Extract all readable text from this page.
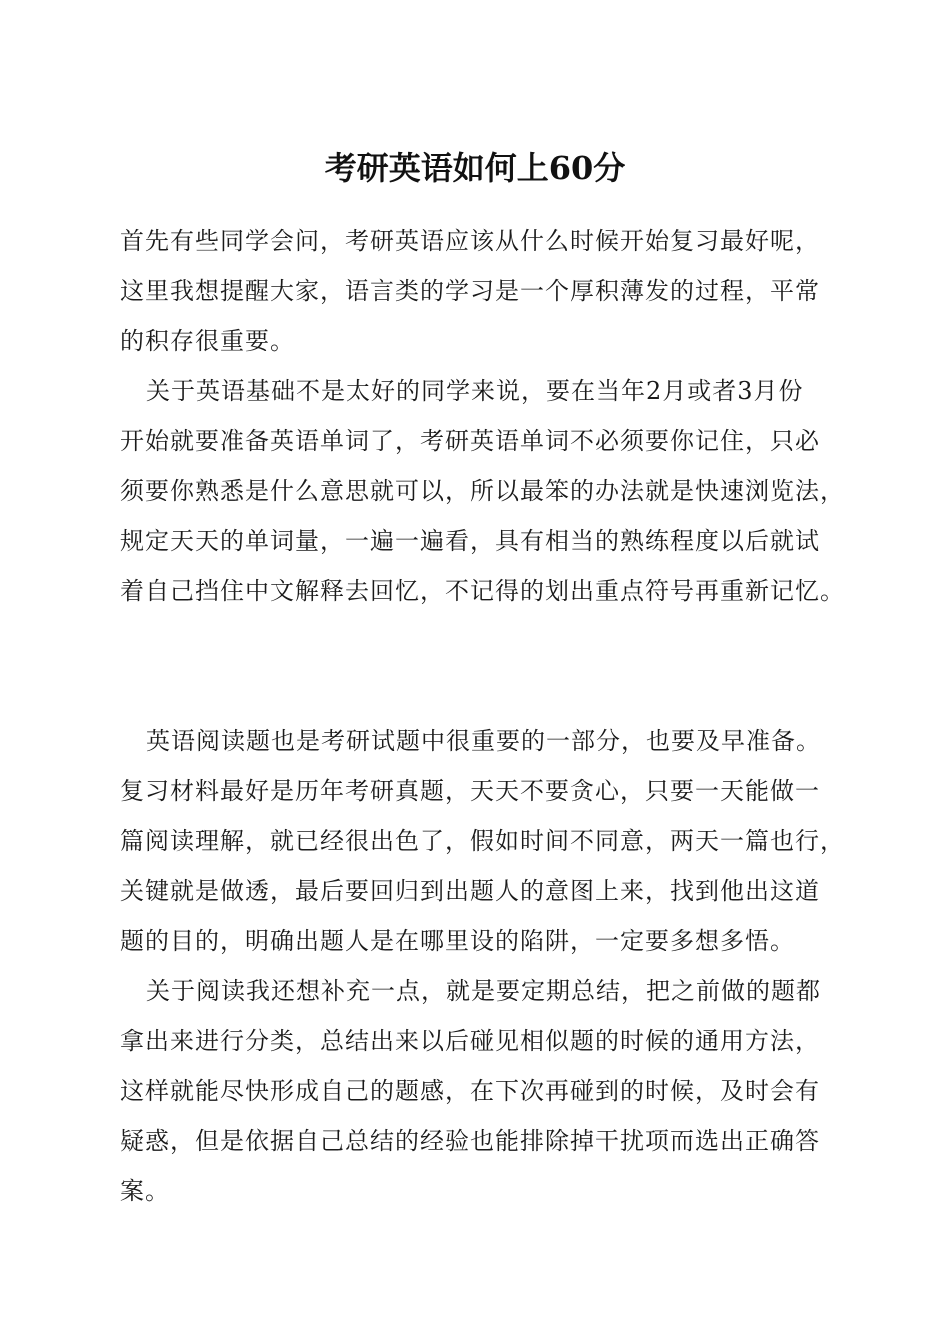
考研英语如何上60分

首先有些同学会问，考研英语应该从什么时候开始复习最好呢，

这里我想提醒大家，语言类的学习是一个厚积薄发的过程，平常

的积存很重要。

关于英语基础不是太好的同学来说，要在当年2月或者3月份

开始就要准备英语单词了，考研英语单词不必须要你记住，只必

须要你熟悉是什么意思就可以，所以最笨的办法就是快速浏览法，

规定天天的单词量，一遍一遍看，具有相当的熟练程度以后就试

着自己挡住中文解释去回忆，不记得的划出重点符号再重新记忆。

英语阅读题也是考研试题中很重要的一部分，也要及早准备。

复习材料最好是历年考研真题，天天不要贪心，只要一天能做一

篇阅读理解，就已经很出色了，假如时间不同意，两天一篇也行，

关键就是做透，最后要回归到出题人的意图上来，找到他出这道

题的目的，明确出题人是在哪里设的陷阱，一定要多想多悟。

关于阅读我还想补充一点，就是要定期总结，把之前做的题都

拿出来进行分类，总结出来以后碰见相似题的时候的通用方法，

这样就能尽快形成自己的题感，在下次再碰到的时候，及时会有

疑惑，但是依据自己总结的经验也能排除掉干扰项而选出正确答

案。
